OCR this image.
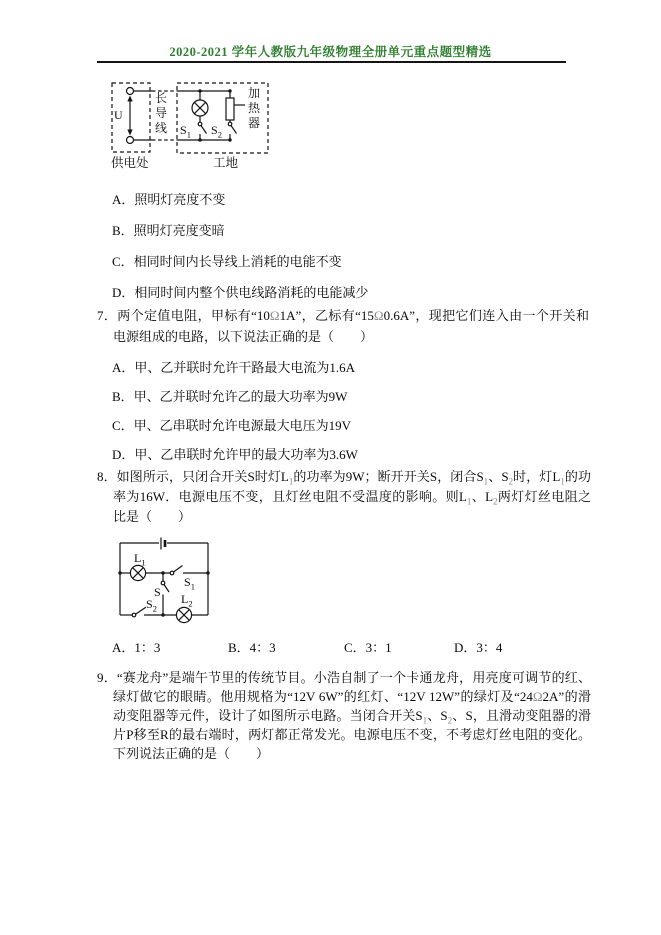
2020-2021 学年人教版九年级物理全册单元重点题型精选
U
长导线 $S_1$ $S_2$
加热器
供电处	工地
A．照明灯亮度不变
B．照明灯亮度变暗
C．相同时间内长导线上消耗的电能不变
D．相同时间内整个供电线路消耗的电能减少
7．两个定值电阻，甲标有“10Ω1A”，乙标有“15Ω0.6A”，现把它们连入由一个开关和电源组成的电路，以下说法正确的是（　　）
A．甲、乙并联时允许干路最大电流为1.6A
B．甲、乙并联时允许乙的最大功率为9W
C．甲、乙串联时允许电源最大电压为19V
D．甲、乙串联时允许甲的最大功率为3.6W
8．如图所示，只闭合开关S时灯$L_1$的功率为9W；断开开关S，闭合$S_1$、$S_2$时，灯$L_1$的功率为16W．电源电压不变，且灯丝电阻不受温度的影响。则$L_1$、$L_2$两灯灯丝电阻之比是（　　）
$L_1$
$S_1$
S
$S_2$
$L_2$
A．1：3	B．4：3	C．3：1	D．3：4
9．“赛龙舟”是端午节里的传统节目。小浩自制了一个卡通龙舟，用亮度可调节的红、绿灯做它的眼睛。他用规格为“12V 6W”的红灯、“12V 12W”的绿灯及“24Ω2A”的滑动变阻器等元件，设计了如图所示电路。当闭合开关$S_1$、$S_2$、S，且滑动变阻器的滑片P移至R的最右端时，两灯都正常发光。电源电压不变，不考虑灯丝电阻的变化。下列说法正确的是（　　）
